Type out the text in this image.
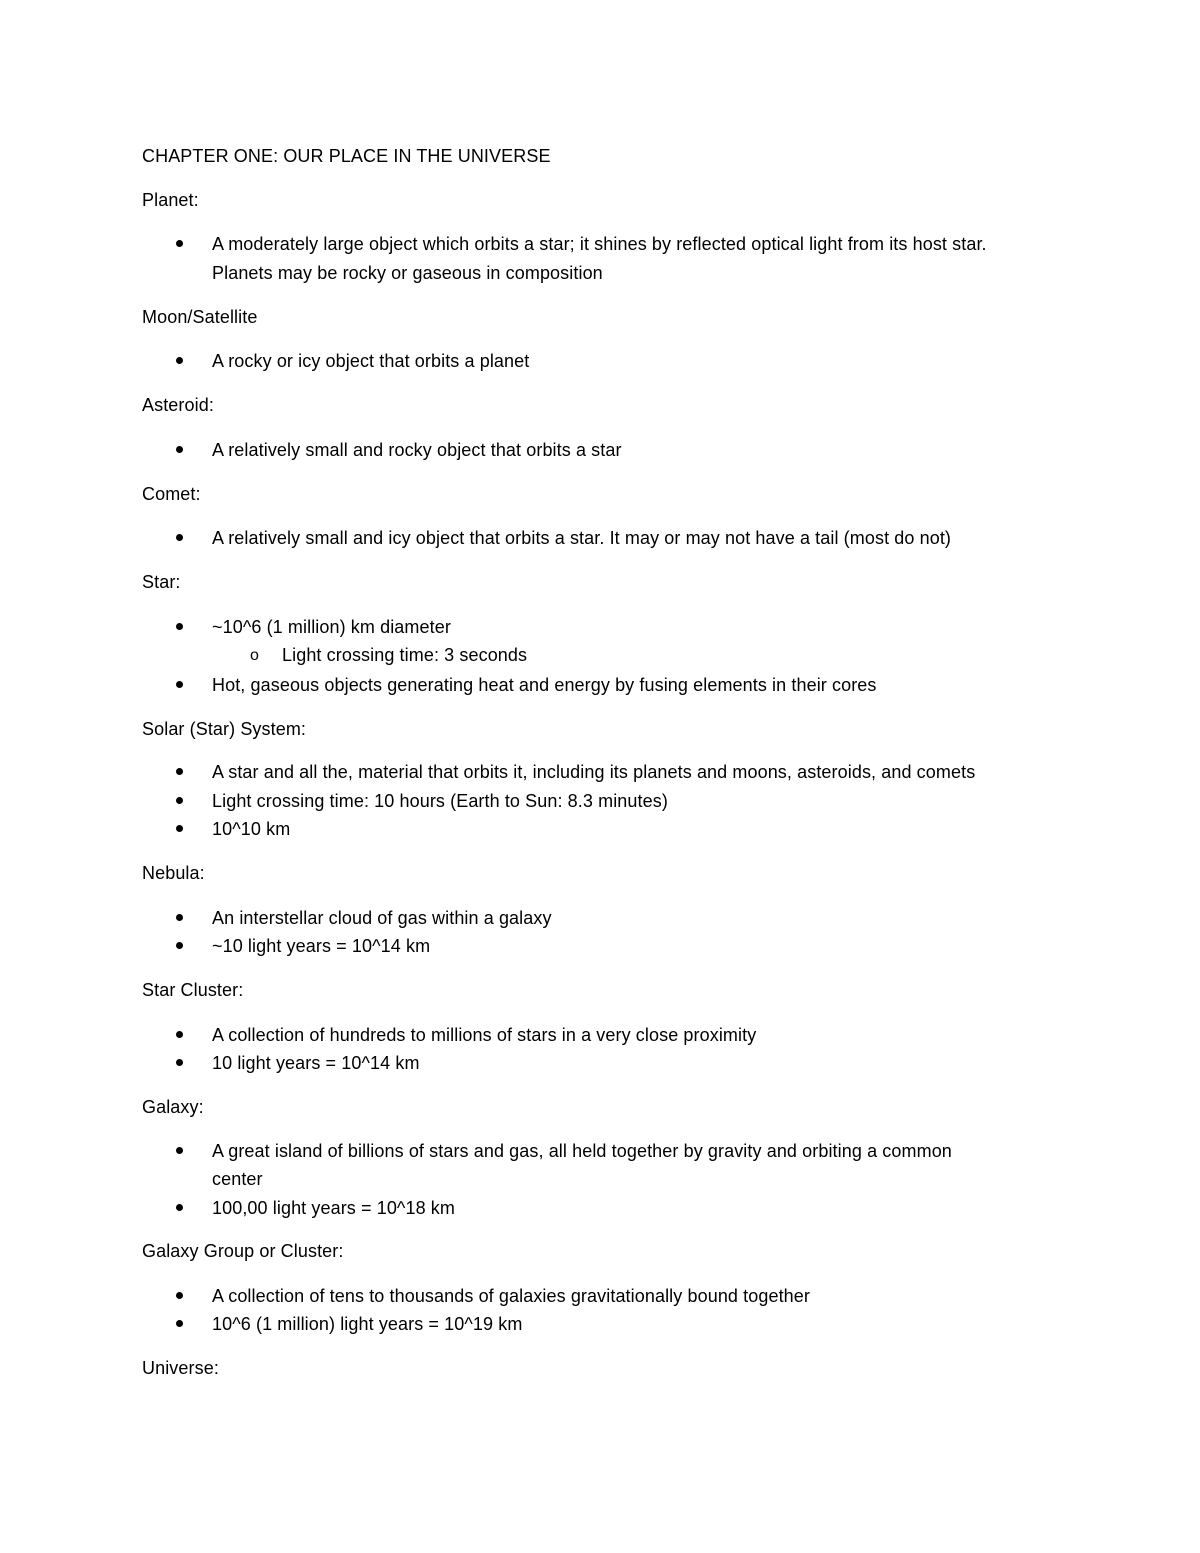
CHAPTER ONE: OUR PLACE IN THE UNIVERSE
Planet:
A moderately large object which orbits a star; it shines by reflected optical light from its host star.
Planets may be rocky or gaseous in composition
Moon/Satellite
A rocky or icy object that orbits a planet
Asteroid:
A relatively small and rocky object that orbits a star
Comet:
A relatively small and icy object that orbits a star. It may or may not have a tail (most do not)
Star:
~10^6 (1 million) km diameter
o Light crossing time: 3 seconds
Hot, gaseous objects generating heat and energy by fusing elements in their cores
Solar (Star) System:
A star and all the, material that orbits it, including its planets and moons, asteroids, and comets
Light crossing time: 10 hours (Earth to Sun: 8.3 minutes)
10^10 km
Nebula:
An interstellar cloud of gas within a galaxy
~10 light years = 10^14 km
Star Cluster:
A collection of hundreds to millions of stars in a very close proximity
10 light years = 10^14 km
Galaxy:
A great island of billions of stars and gas, all held together by gravity and orbiting a common
center
100,00 light years = 10^18 km
Galaxy Group or Cluster:
A collection of tens to thousands of galaxies gravitationally bound together
10^6 (1 million) light years = 10^19 km
Universe:
